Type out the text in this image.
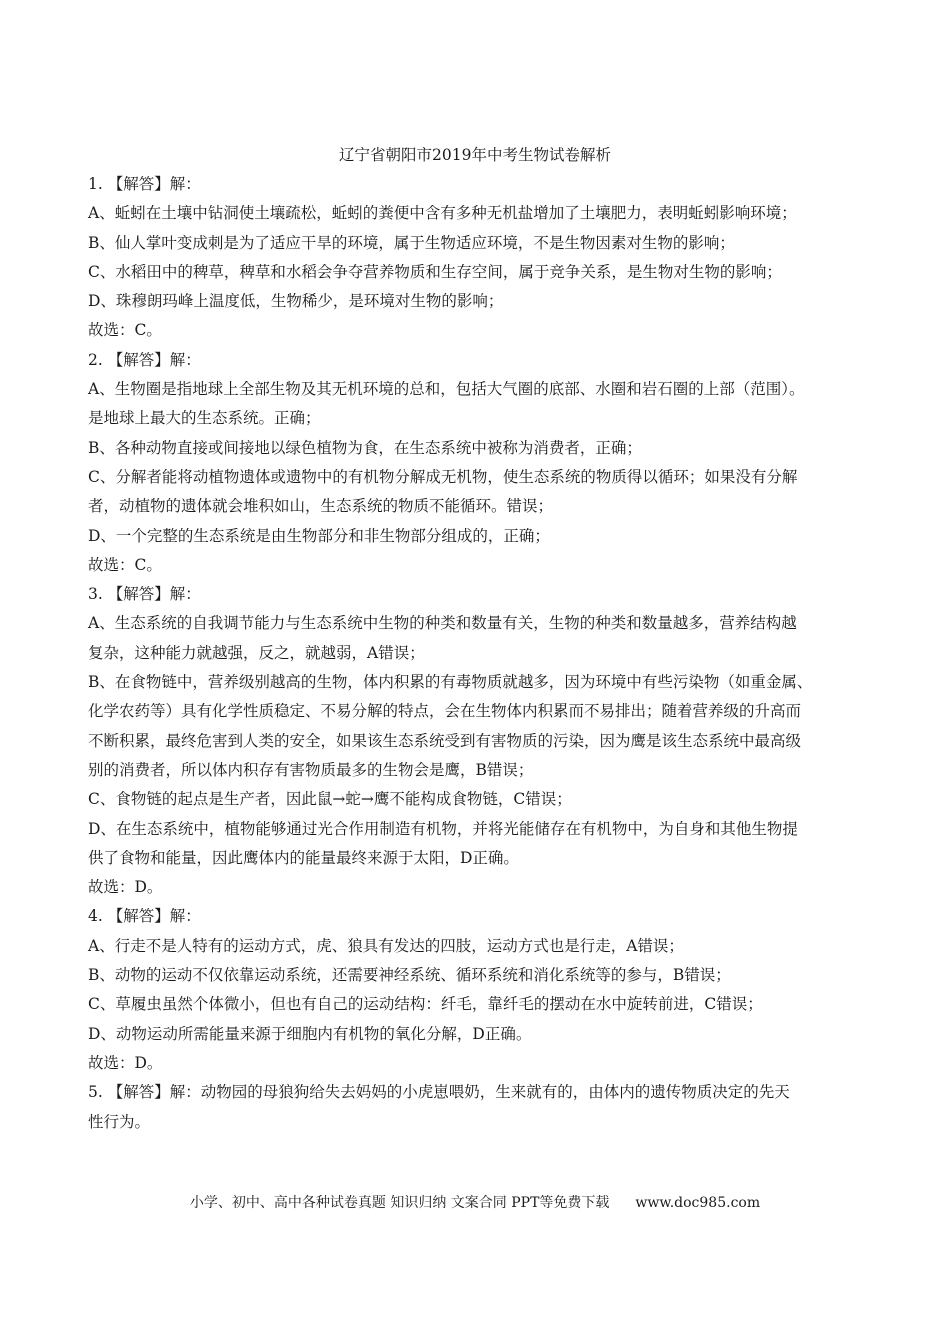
辽宁省朝阳市2019年中考生物试卷解析

1. 【解答】解：

A、蚯蚓在土壤中钻洞使土壤疏松，蚯蚓的粪便中含有多种无机盐增加了土壤肥力，表明蚯蚓影响环境；

B、仙人掌叶变成刺是为了适应干旱的环境，属于生物适应环境，不是生物因素对生物的影响；

C、水稻田中的稗草，稗草和水稻会争夺营养物质和生存空间，属于竞争关系，是生物对生物的影响；

D、珠穆朗玛峰上温度低，生物稀少，是环境对生物的影响；

故选：C。

2. 【解答】解：

A、生物圈是指地球上全部生物及其无机环境的总和，包括大气圈的底部、水圈和岩石圈的上部（范围）。

是地球上最大的生态系统。正确；

B、各种动物直接或间接地以绿色植物为食，在生态系统中被称为消费者，正确；

C、分解者能将动植物遗体或遗物中的有机物分解成无机物，使生态系统的物质得以循环；如果没有分解

者，动植物的遗体就会堆积如山，生态系统的物质不能循环。错误；

D、一个完整的生态系统是由生物部分和非生物部分组成的，正确；

故选：C。

3. 【解答】解：

A、生态系统的自我调节能力与生态系统中生物的种类和数量有关，生物的种类和数量越多，营养结构越

复杂，这种能力就越强，反之，就越弱，A错误；

B、在食物链中，营养级别越高的生物，体内积累的有毒物质就越多，因为环境中有些污染物（如重金属、

化学农药等）具有化学性质稳定、不易分解的特点，会在生物体内积累而不易排出；随着营养级的升高而

不断积累，最终危害到人类的安全，如果该生态系统受到有害物质的污染，因为鹰是该生态系统中最高级

别的消费者，所以体内积存有害物质最多的生物会是鹰，B错误；

C、食物链的起点是生产者，因此鼠→蛇→鹰不能构成食物链，C错误；

D、在生态系统中，植物能够通过光合作用制造有机物，并将光能储存在有机物中，为自身和其他生物提

供了食物和能量，因此鹰体内的能量最终来源于太阳，D正确。

故选：D。

4. 【解答】解：

A、行走不是人特有的运动方式，虎、狼具有发达的四肢，运动方式也是行走，A错误；

B、动物的运动不仅依靠运动系统，还需要神经系统、循环系统和消化系统等的参与，B错误；

C、草履虫虽然个体微小，但也有自己的运动结构：纤毛，靠纤毛的摆动在水中旋转前进，C错误；

D、动物运动所需能量来源于细胞内有机物的氧化分解，D正确。

故选：D。

5. 【解答】解：动物园的母狼狗给失去妈妈的小虎崽喂奶，生来就有的，由体内的遗传物质决定的先天

性行为。

小学、初中、高中各种试卷真题 知识归纳 文案合同 PPT等免费下载 www.doc985.com
